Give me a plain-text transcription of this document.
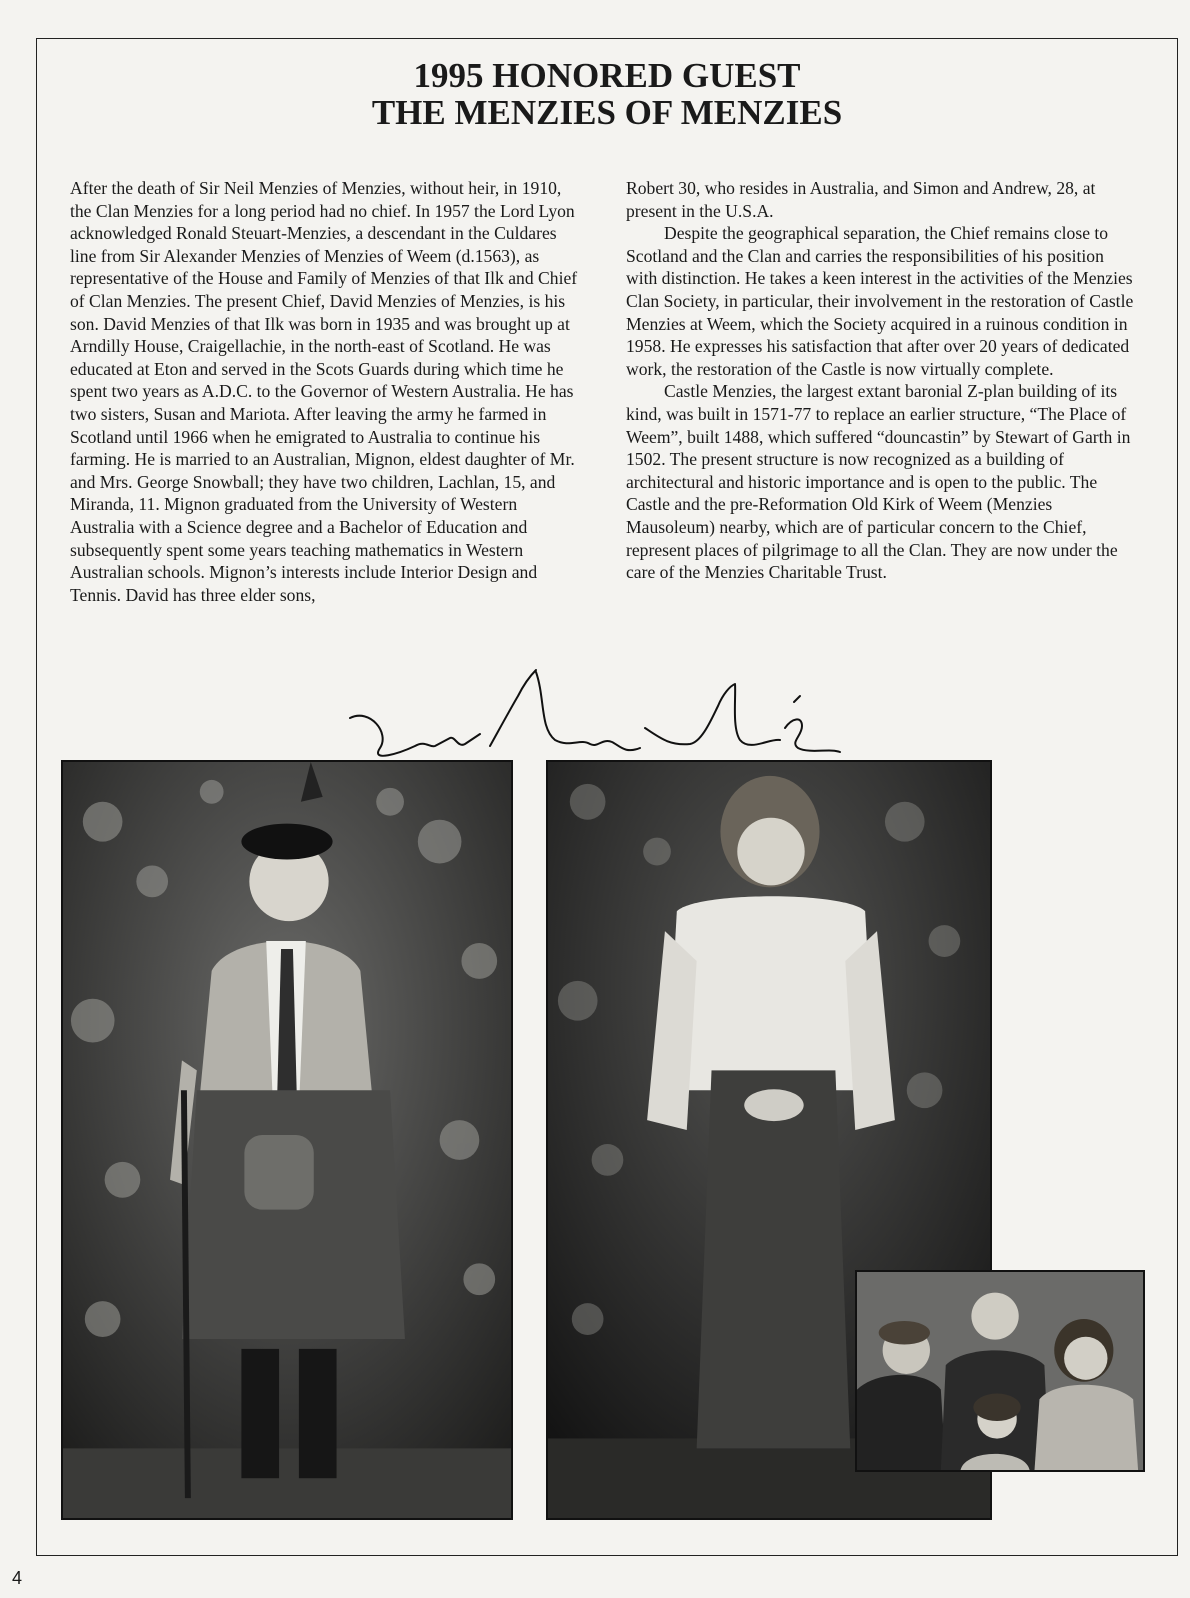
1995 HONORED GUEST
THE MENZIES OF MENZIES

After the death of Sir Neil Menzies of Menzies, without heir, in 1910, the Clan Menzies for a long period had no chief. In 1957 the Lord Lyon acknowledged Ronald Steuart-Menzies, a descendant in the Culdares line from Sir Alexander Menzies of Menzies of Weem (d.1563), as representative of the House and Family of Menzies of that Ilk and Chief of Clan Menzies. The present Chief, David Menzies of Menzies, is his son. David Menzies of that Ilk was born in 1935 and was brought up at Arndilly House, Craigellachie, in the north-east of Scotland. He was educated at Eton and served in the Scots Guards during which time he spent two years as A.D.C. to the Governor of Western Australia. He has two sisters, Susan and Mariota. After leaving the army he farmed in Scotland until 1966 when he emigrated to Australia to continue his farming. He is married to an Australian, Mignon, eldest daughter of Mr. and Mrs. George Snowball; they have two children, Lachlan, 15, and Miranda, 11. Mignon graduated from the University of Western Australia with a Science degree and a Bachelor of Education and subsequently spent some years teaching mathematics in Western Australian schools. Mignon’s interests include Interior Design and Tennis. David has three elder sons,

Robert 30, who resides in Australia, and Simon and Andrew, 28, at present in the U.S.A.

Despite the geographical separation, the Chief remains close to Scotland and the Clan and carries the responsibilities of his position with distinction. He takes a keen interest in the activities of the Menzies Clan Society, in particular, their involvement in the restoration of Castle Menzies at Weem, which the Society acquired in a ruinous condition in 1958. He expresses his satisfaction that after over 20 years of dedicated work, the restoration of the Castle is now virtually complete.

Castle Menzies, the largest extant baronial Z-plan building of its kind, was built in 1571-77 to replace an earlier structure, “The Place of Weem”, built 1488, which suffered “douncastin” by Stewart of Garth in 1502. The present structure is now recognized as a building of architectural and historic importance and is open to the public. The Castle and the pre-Reformation Old Kirk of Weem (Menzies Mausoleum) nearby, which are of particular concern to the Chief, represent places of pilgrimage to all the Clan. They are now under the care of the Menzies Charitable Trust.

4
